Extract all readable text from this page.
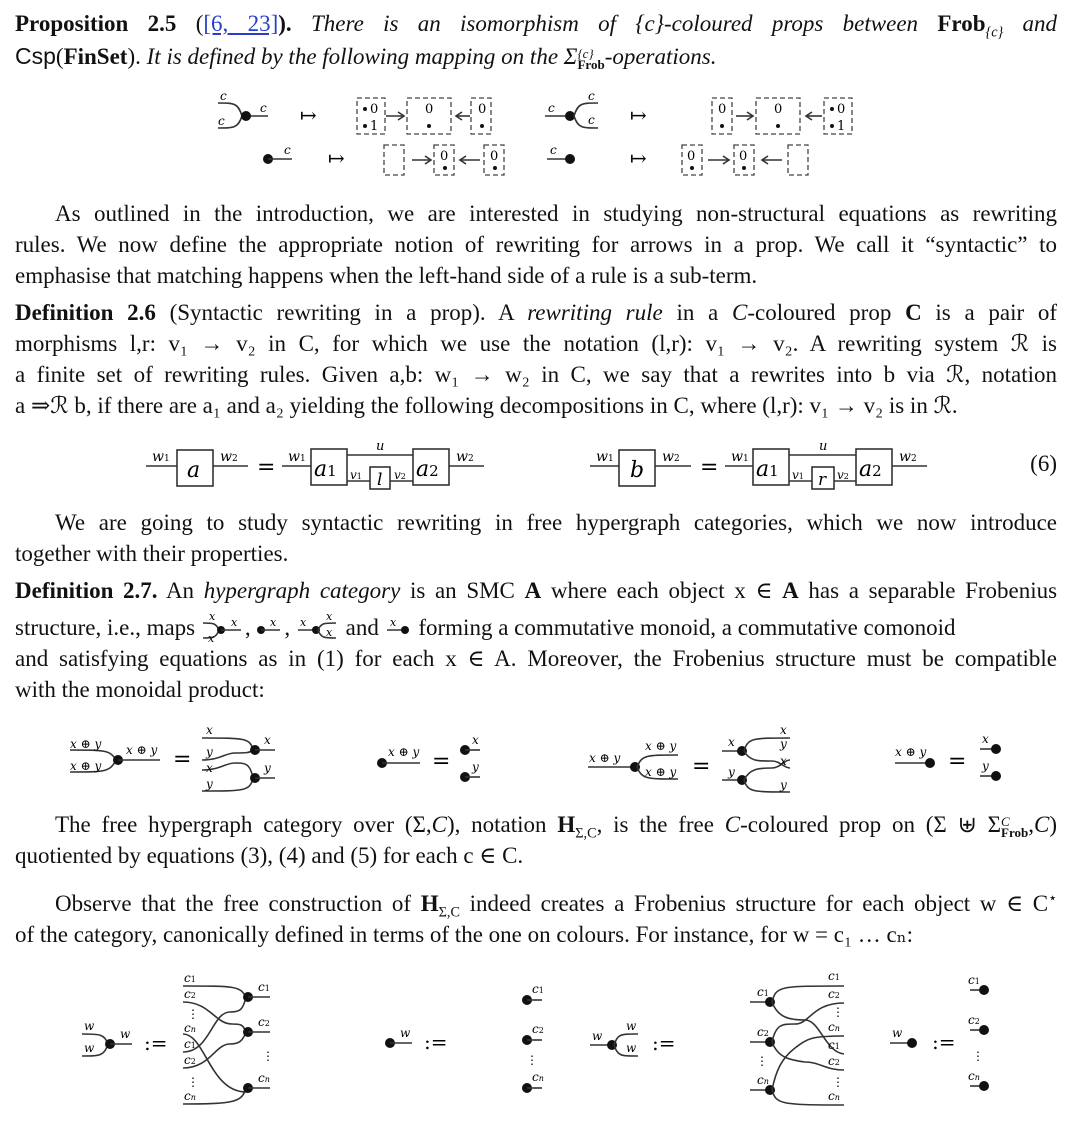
Proposition 2.5 ([6, 23]). There is an isomorphism of {c}-coloured props between Frob$_{\{c\}}$ and
Csp(FinSet). It is defined by the following mapping on the Σ{c}
Frob-operations.
c
c
c ↦	0
1
0	0
c ↦	0	0
c
c
c ↦	0	0	0
1
c	↦	0	0
As outlined in the introduction, we are interested in studying non-structural equations as rewriting
rules. We now define the appropriate notion of rewriting for arrows in a prop. We call it “syntactic” to
emphasise that matching happens when the left-hand side of a rule is a sub-term.
Definition 2.6 (Syntactic rewriting in a prop). A rewriting rule in a C-coloured prop C is a pair of
morphisms l,r: v₁ → v₂ in C, for which we use the notation (l,r): v₁ → v₂. A rewriting system ℛ is
a finite set of rewriting rules. Given a,b: w₁ → w₂ in C, we say that a rewrites into b via ℛ, notation
a ⇒ℛ b, if there are a₁ and a₂ yielding the following decompositions in C, where (l,r): v₁ → v₂ is in ℛ.
w1 a
w2 = w1 a1
u
v1 l v2 a2
w2	w1 b
w2 = w1 a1
u
v1 r v2 a2
w2	(6)
We are going to study syntactic rewriting in free hypergraph categories, which we now introduce
together with their properties.
Definition 2.7. An hypergraph category is an SMC A where each object x ∈ A has a separable Frobenius
structure, i.e., maps x
x
x , x , x x
x and x forming a commutative monoid, a commutative comonoid
and satisfying equations as in (1) for each x ∈ A. Moreover, the Frobenius structure must be compatible
with the monoidal product:
x ⊕ y
x ⊕ y
x ⊕ y =
x
y
x
y
x
y
x ⊕ y =
x
y
x ⊕ y
x ⊕ y
x ⊕ y =
x
y
x
y
x
y
x ⊕ y =
x
y
The free hypergraph category over (Σ,C), notation $H_{\Sigma,C}$, is the free C-coloured prop on (Σ ⊎ ΣC
Frob,C)
quotiented by equations (3), (4) and (5) for each c ∈ C.
Observe that the free construction of $H_{\Sigma,C}$ indeed creates a Frobenius structure for each object w ∈ C⋆
of the category, canonically defined in terms of the one on colours. For instance, for w = c₁ … cₙ:
w
w
w :=
c1
c2
⋮
cn
c1
c2
⋮
cn
c1
c2
⋮
cn
w :=
c1
c2
⋮
cn
w
w
w :=
c1
c2
⋮
cn
c1
c2
⋮
cn
c1
c2
⋮
cn
w :=
c1
c2
⋮
cn
